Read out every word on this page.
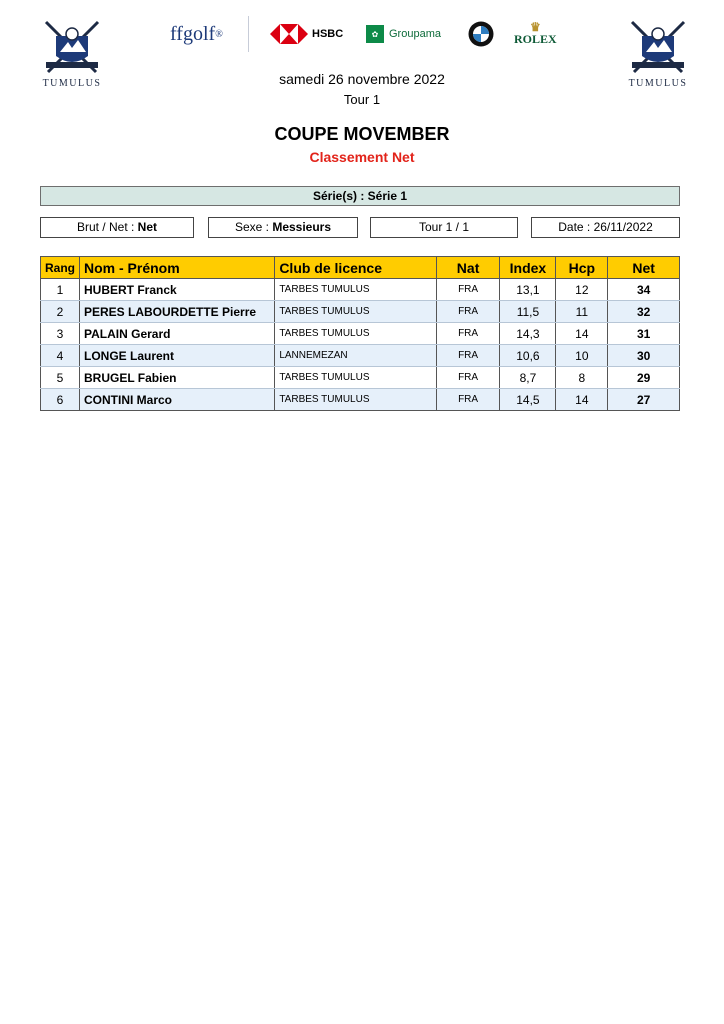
TUMULUS	TUMULUS
ffgolf ®	HSBC	✿ Groupama
♛
ROLEX
samedi 26 novembre 2022
Tour 1
COUPE MOVEMBER
Classement Net
Série(s) : Série 1
Brut / Net : Net	Sexe : Messieurs	Tour 1 / 1	Date : 26/11/2022
Rang	Nom - Prénom	Club de licence	Nat	Index	Hcp	Net
1	HUBERT Franck	TARBES TUMULUS	FRA	13,1	12	34
2	PERES LABOURDETTE Pierre	TARBES TUMULUS	FRA	11,5	11	32
3	PALAIN Gerard	TARBES TUMULUS	FRA	14,3	14	31
4	LONGE Laurent	LANNEMEZAN	FRA	10,6	10	30
5	BRUGEL Fabien	TARBES TUMULUS	FRA	8,7	8	29
6	CONTINI Marco	TARBES TUMULUS	FRA	14,5	14	27
